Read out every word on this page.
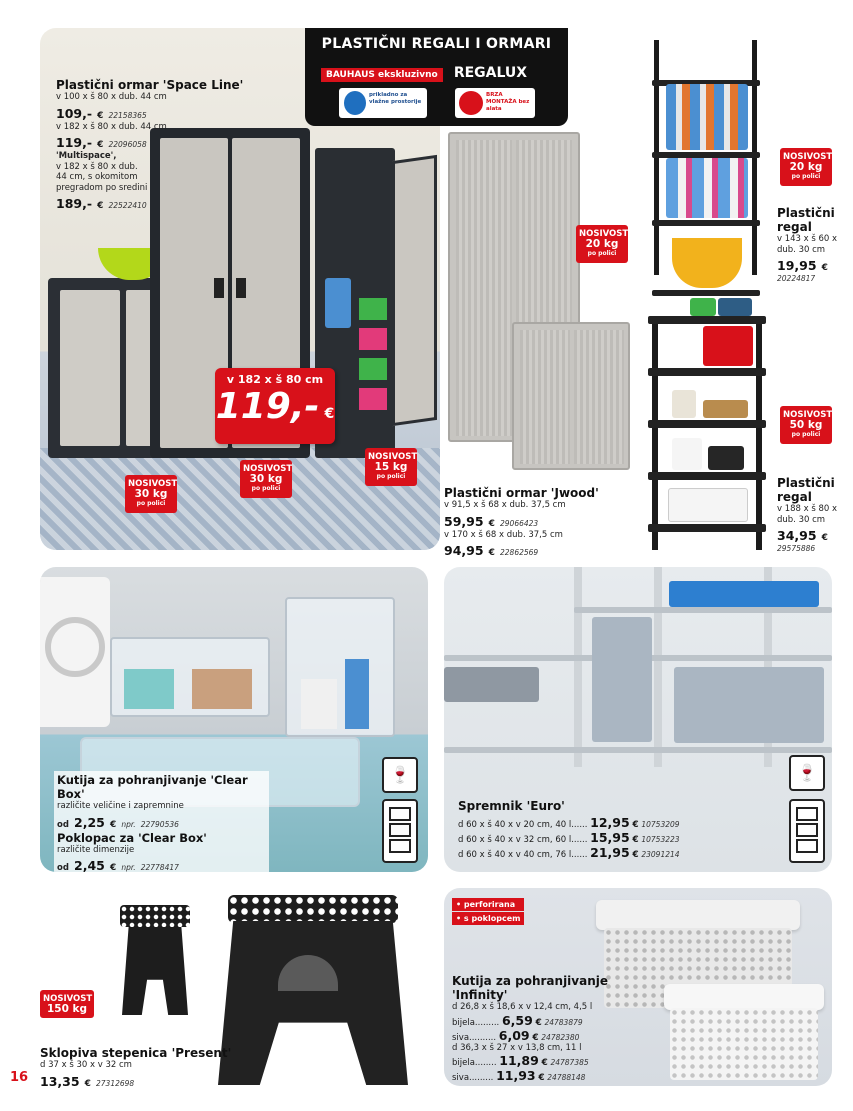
Plastični ormar 'Space Line'
v 100 x š 80 x dub. 44 cm
109,- € 22158365
v 182 x š 80 x dub. 44 cm
119,- € 22096058
'Multispace',
v 182 x š 80 x dub.
44 cm, s okomitom
pregradom po sredini
189,- € 22522410
v 182 x š 80 cm
119,- €
NOSIVOST
30 kg
po polici
NOSIVOST
30 kg
po polici
NOSIVOST
15 kg
po polici
PLASTIČNI REGALI I ORMARI
BAUHAUS ekskluzivno REGALUX
prikladno za vlažne prostorije
BRZA MONTAŽA bez alata
NOSIVOST
20 kg
po polici
Plastični ormar 'Jwood'
v 91,5 x š 68 x dub. 37,5 cm
59,95 € 29066423
v 170 x š 68 x dub. 37,5 cm
94,95 € 22862569
NOSIVOST
20 kg
po polici
Plastični
regal
v 143 x š 60 x
dub. 30 cm
19,95 €
20224817
NOSIVOST
50 kg
po polici
Plastični
regal
v 188 x š 80 x
dub. 30 cm
34,95 €
29575886
🍷
Kutija za pohranjivanje 'Clear Box'
različite veličine i zapremnine
od 2,25 € npr. 22790536
Poklopac za 'Clear Box'
različite dimenzije
od 2,45 € npr. 22778417
🍷
Spremnik 'Euro'
d 60 x š 40 x v 20 cm, 40 l...... 12,95 € 10753209
d 60 x š 40 x v 32 cm, 60 l...... 15,95 € 10753223
d 60 x š 40 x v 40 cm, 76 l...... 21,95 € 23091214
NOSIVOST
150 kg
Sklopiva stepenica 'Present'
d 37 x š 30 x v 32 cm
13,35 € 27312698
16
• perforirana
• s poklopcem
Kutija za pohranjivanje
'Infinity'
d 26,8 x š 18,6 x v 12,4 cm, 4,5 l
bijela......... 6,59 € 24783879
siva.......... 6,09 € 24782380
d 36,3 x š 27 x v 13,8 cm, 11 l
bijela........ 11,89 € 24787385
siva......... 11,93 € 24788148
